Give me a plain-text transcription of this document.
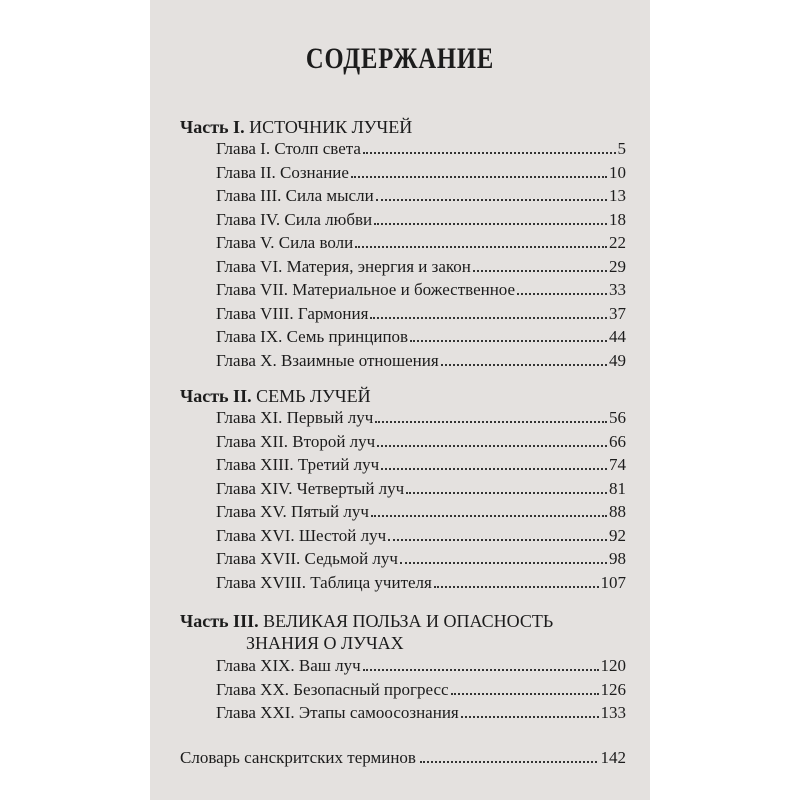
СОДЕРЖАНИЕ
Часть I. ИСТОЧНИК ЛУЧЕЙ
Глава I. Столп света	5
Глава II. Сознание	10
Глава III. Сила мысли	13
Глава IV. Сила любви	18
Глава V. Сила воли	22
Глава VI. Материя, энергия и закон	29
Глава VII. Материальное и божественное	33
Глава VIII. Гармония	37
Глава IX. Семь принципов	44
Глава X. Взаимные отношения	49
Часть II. СЕМЬ ЛУЧЕЙ
Глава XI. Первый луч	56
Глава XII. Второй луч	66
Глава XIII. Третий луч	74
Глава XIV. Четвертый луч	81
Глава XV. Пятый луч	88
Глава XVI. Шестой луч	92
Глава XVII. Седьмой луч	98
Глава XVIII. Таблица учителя	107
Часть III. ВЕЛИКАЯ ПОЛЬЗА И ОПАСНОСТЬ
ЗНАНИЯ О ЛУЧАХ
Глава XIX. Ваш луч	120
Глава XX. Безопасный прогресс	126
Глава XXI. Этапы самоосознания	133
Словарь санскритских терминов	142
